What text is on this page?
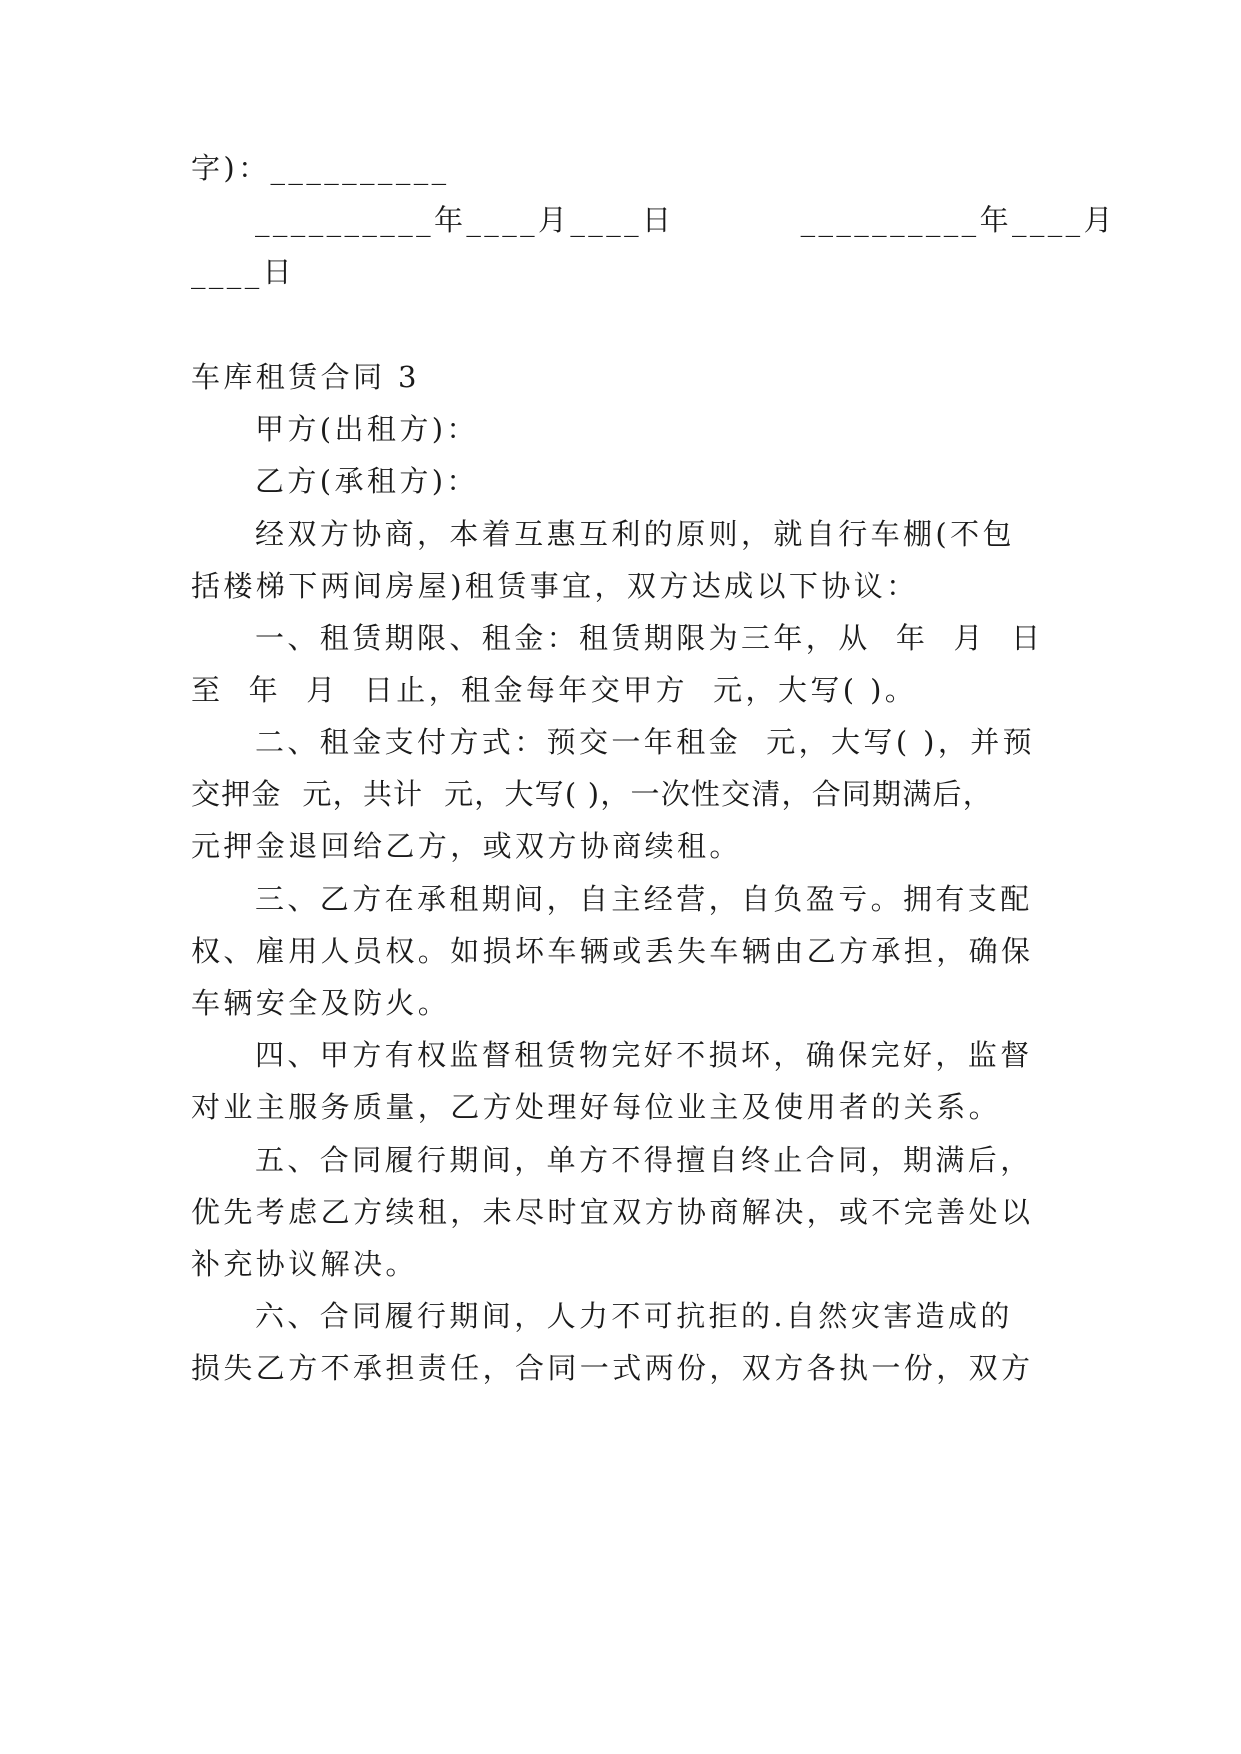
字)：__________
__________年____月____日          __________年____月
____日
车库租赁合同 3
甲方(出租方)：
乙方(承租方)：
经双方协商，本着互惠互利的原则，就自行车棚(不包
括楼梯下两间房屋)租赁事宜，双方达成以下协议：
一、租赁期限、租金：租赁期限为三年，从  年  月  日
至  年  月  日止，租金每年交甲方  元，大写( )。
二、租金支付方式：预交一年租金  元，大写( )，并预
交押金  元，共计  元，大写( )，一次性交清，合同期满后，
元押金退回给乙方，或双方协商续租。
三、乙方在承租期间，自主经营，自负盈亏。拥有支配
权、雇用人员权。如损坏车辆或丢失车辆由乙方承担，确保
车辆安全及防火。
四、甲方有权监督租赁物完好不损坏，确保完好，监督
对业主服务质量，乙方处理好每位业主及使用者的关系。
五、合同履行期间，单方不得擅自终止合同，期满后，
优先考虑乙方续租，未尽时宜双方协商解决，或不完善处以
补充协议解决。
六、合同履行期间，人力不可抗拒的.自然灾害造成的
损失乙方不承担责任，合同一式两份，双方各执一份，双方
